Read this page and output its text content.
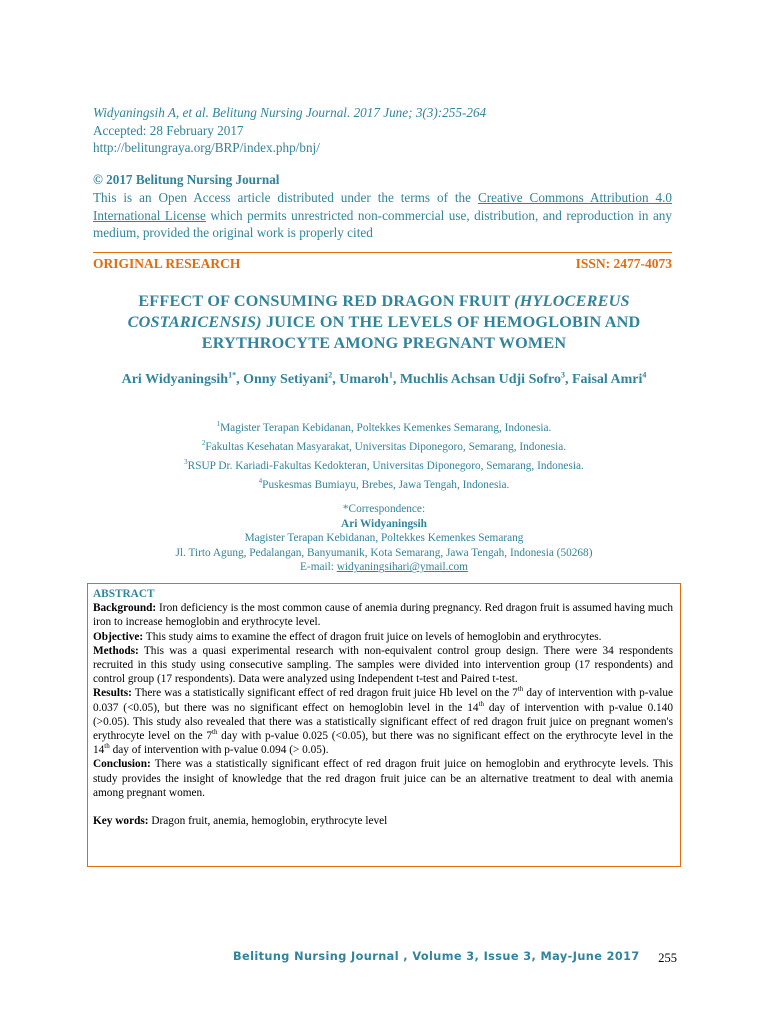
Widyaningsih A, et al. Belitung Nursing Journal. 2017 June; 3(3):255-264
Accepted: 28 February 2017
http://belitungraya.org/BRP/index.php/bnj/
© 2017 Belitung Nursing Journal
This is an Open Access article distributed under the terms of the Creative Commons Attribution 4.0 International License which permits unrestricted non-commercial use, distribution, and reproduction in any medium, provided the original work is properly cited
ORIGINAL RESEARCH	ISSN: 2477-4073
EFFECT OF CONSUMING RED DRAGON FRUIT (HYLOCEREUS COSTARICENSIS) JUICE ON THE LEVELS OF HEMOGLOBIN AND ERYTHROCYTE AMONG PREGNANT WOMEN
Ari Widyaningsih$^{1*}$, Onny Setiyani$^2$, Umaroh$^1$, Muchlis Achsan Udji Sofro$^3$, Faisal Amri$^4$
$^1$Magister Terapan Kebidanan, Poltekkes Kemenkes Semarang, Indonesia.
$^2$Fakultas Kesehatan Masyarakat, Universitas Diponegoro, Semarang, Indonesia.
$^3$RSUP Dr. Kariadi-Fakultas Kedokteran, Universitas Diponegoro, Semarang, Indonesia.
$^4$Puskesmas Bumiayu, Brebes, Jawa Tengah, Indonesia.
*Correspondence:
Ari Widyaningsih
Magister Terapan Kebidanan, Poltekkes Kemenkes Semarang
Jl. Tirto Agung, Pedalangan, Banyumanik, Kota Semarang, Jawa Tengah, Indonesia (50268)
E-mail: widyaningsihari@ymail.com
ABSTRACT

Background: Iron deficiency is the most common cause of anemia during pregnancy. Red dragon fruit is assumed having much iron to increase hemoglobin and erythrocyte level.

Objective: This study aims to examine the effect of dragon fruit juice on levels of hemoglobin and erythrocytes.

Methods: This was a quasi experimental research with non-equivalent control group design. There were 34 respondents recruited in this study using consecutive sampling. The samples were divided into intervention group (17 respondents) and control group (17 respondents). Data were analyzed using Independent t-test and Paired t-test.

Results: There was a statistically significant effect of red dragon fruit juice Hb level on the 7th day of intervention with p-value 0.037 (<0.05), but there was no significant effect on hemoglobin level in the 14th day of intervention with p-value 0.140 (>0.05). This study also revealed that there was a statistically significant effect of red dragon fruit juice on pregnant women's erythrocyte level on the 7th day with p-value 0.025 (<0.05), but there was no significant effect on the erythrocyte level in the 14th day of intervention with p-value 0.094 (> 0.05).

Conclusion: There was a statistically significant effect of red dragon fruit juice on hemoglobin and erythrocyte levels. This study provides the insight of knowledge that the red dragon fruit juice can be an alternative treatment to deal with anemia among pregnant women.

Key words: Dragon fruit, anemia, hemoglobin, erythrocyte level

Belitung Nursing Journal , Volume 3, Issue 3, May-June 2017 255
